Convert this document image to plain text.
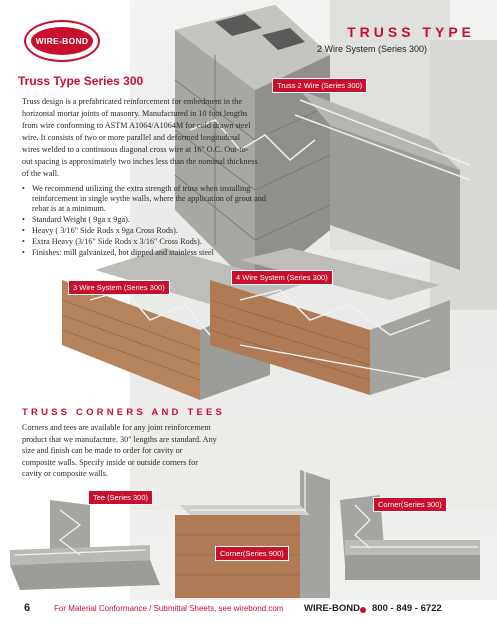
WIRE-BOND
TRUSS TYPE
2 Wire System (Series 300)
Truss Type Series 300
Truss design is a prefabricated reinforcement for embedment in the horizontal mortar joints of masonry. Manufactured in 10 foot lengths from wire conforming to ASTM A1064/A1064M for cold drawn steel wire. It consists of two or more parallel and deformed longitudinal wires welded to a continuous diagonal cross wire at 16" O.C. Out-to-out spacing is approximately two inches less than the nominal thickness of the wall.
• We recommend utilizing the extra strength of truss when installing reinforcement in single wythe walls, where the application of grout and rebar is at a minimum.
• Standard Weight ( 9ga x 9ga).
• Heavy ( 3/16" Side Rods x 9ga Cross Rods).
• Extra Heavy (3/16" Side Rods x 3/16" Cross Rods).
• Finishes: mill galvanized, hot dipped and stainless steel
Truss 2 Wire (Series 300)
3 Wire System (Series 300)
4 Wire System (Series 300)
Tee (Series 300)
Corner(Series 900)
Corner(Series 300)
TRUSS CORNERS AND TEES
Corners and tees are available for any joint reinforcement product that we manufacture. 30" lengths are standard. Any size and finish can be made to order for cavity or composite walls. Specify inside or outside corners for cavity or composite walls.
6	For Material Conformance / Submittal Sheets, see wirebond.com WIRE-BOND 800 - 849 - 6722
